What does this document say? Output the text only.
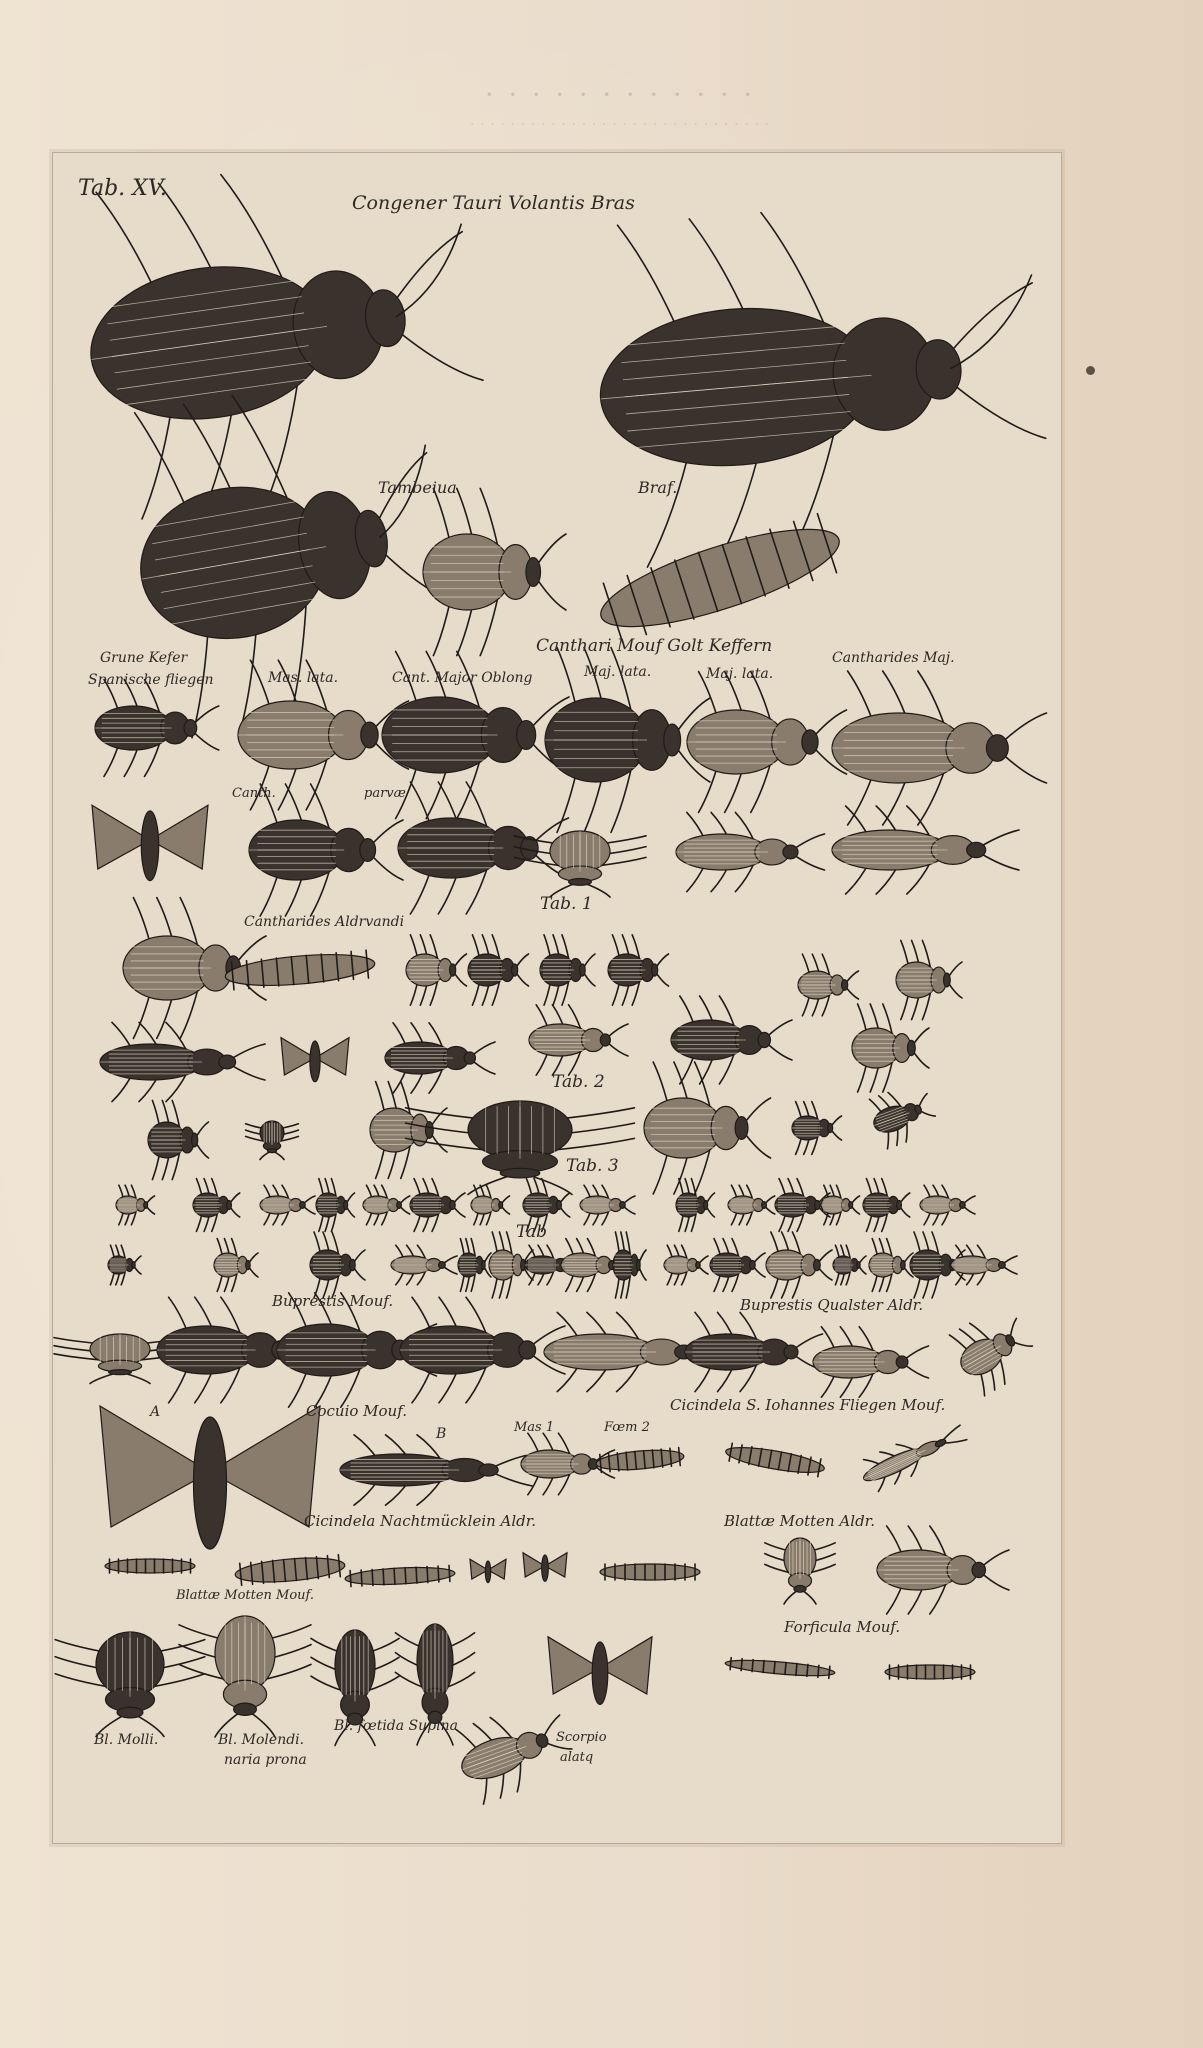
· · · · · · · · · · · ·
· · · · · · · · · · · · · · · · · · · · · · · · · · · · · ·
Tab. XV.
Congener Tauri Volantis Bras
Tambeiua	Braf.
Grune Kefer
Spanische fliegen	Mas. lata.	Cant. Major Oblong	Maj. lata.
Canthari Mouf Golt Keffern
Maj. lata.
Cantharides Maj.
Canth.	parvæ
Tab. 1
Cantharides Aldrvandi
Tab. 2
Tab. 3
Tab
Buprestis Mouf.	Buprestis Qualster Aldr.
A	Cocuio Mouf.	Cicindela S. Iohannes Fliegen Mouf.
B	Mas 1	Fœm 2
Cicindela Nachtmücklein Aldr.	Blattæ Motten Aldr.
Blattæ Motten Mouf.
Forficula Mouf.
Bl. Molli.	Bl. Molendi.
naria prona
Bl. fœtida Supina
Scorpio
alatq
